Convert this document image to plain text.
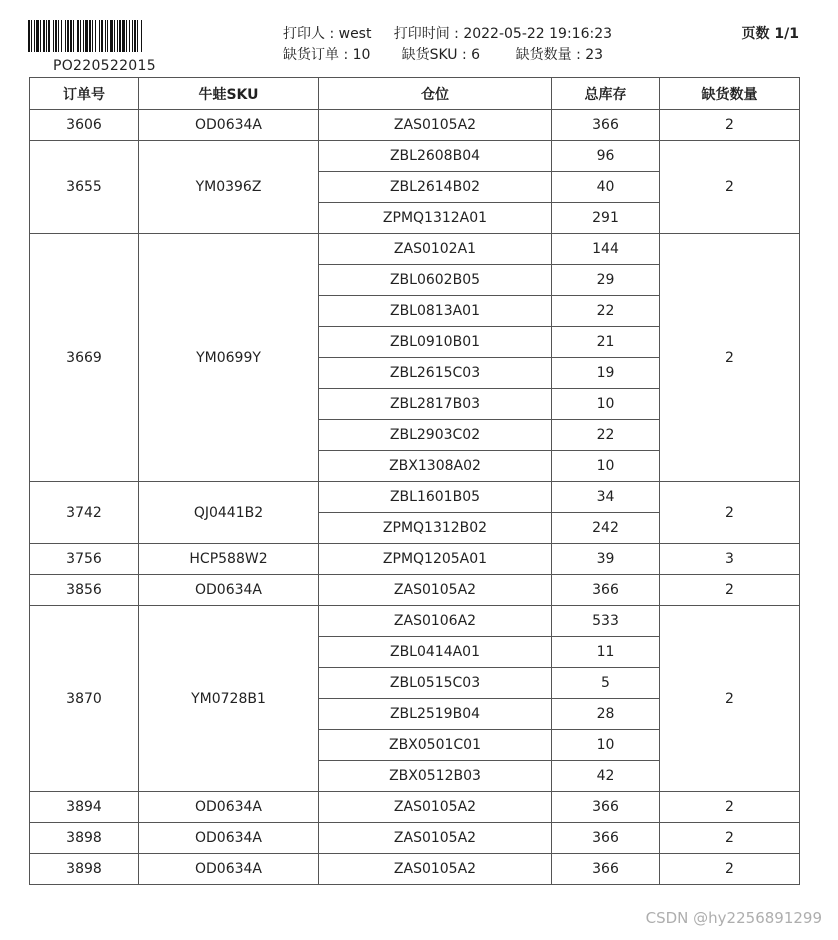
PO220522015
打印人 : west     打印时间 : 2022-05-22 19:16:23
缺货订单 : 10       缺货SKU : 6        缺货数量 : 23
页数 1/1
订单号	牛蛙SKU	仓位	总库存	缺货数量
3606	OD0634A	ZAS0105A2	366	2
3655	YM0396Z	ZBL2608B04	96	2
		ZBL2614B02	40	
		ZPMQ1312A01	291	
3669	YM0699Y	ZAS0102A1	144	2
		ZBL0602B05	29	
		ZBL0813A01	22	
		ZBL0910B01	21	
		ZBL2615C03	19	
		ZBL2817B03	10	
		ZBL2903C02	22	
		ZBX1308A02	10	
3742	QJ0441B2	ZBL1601B05	34	2
		ZPMQ1312B02	242	
3756	HCP588W2	ZPMQ1205A01	39	3
3856	OD0634A	ZAS0105A2	366	2
3870	YM0728B1	ZAS0106A2	533	2
		ZBL0414A01	11	
		ZBL0515C03	5	
		ZBL2519B04	28	
		ZBX0501C01	10	
		ZBX0512B03	42	
3894	OD0634A	ZAS0105A2	366	2
3898	OD0634A	ZAS0105A2	366	2
3898	OD0634A	ZAS0105A2	366	2
CSDN @hy2256891299
